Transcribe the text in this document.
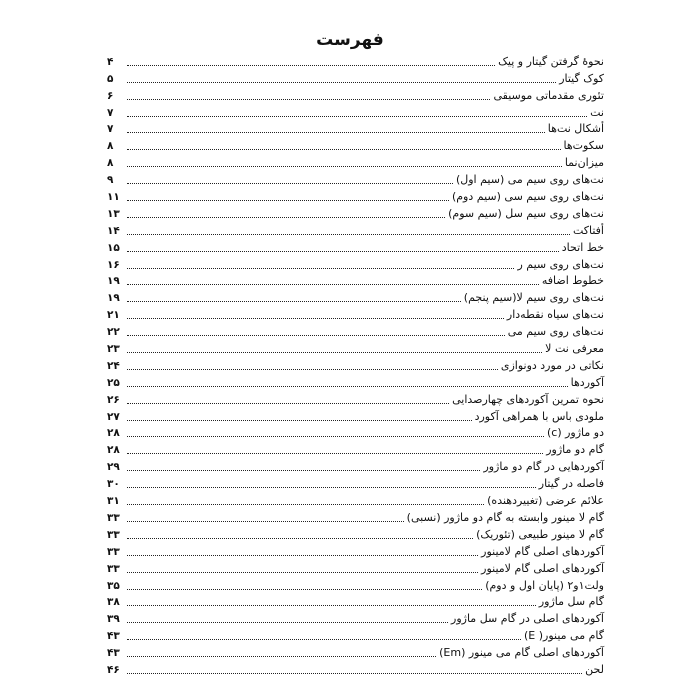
فهرست
نحوهٔ گرفتن گیتار و پیک
۴
کوک گیتار
۵
تئوری مقدماتی موسیقی
۶
نت
۷
أشکال نت‌ها
۷
سکوت‌ها
۸
میزان‌نما
۸
نت‌های روی سیم می (سیم اول)
۹
نت‌های روی سیم سی (سیم دوم)
۱۱
نت‌های روی سیم سل (سیم سوم)
۱۳
أفتاکت
۱۴
خط اتحاد
۱۵
نت‌های روی سیم ر
۱۶
خطوط اضافه
۱۹
نت‌های روی سیم لا(سیم پنجم)
۱۹
نت‌های سیاه نقطه‌دار
۲۱
نت‌های روی سیم می
۲۲
معرفی نت لا
۲۳
نکاتی در مورد دونوازی
۲۴
آکوردها
۲۵
نحوه تمرین آکوردهای چهارصدایی
۲۶
ملودی باس با همراهی آکورد
۲۷
دو ماژور (c)
۲۸
گام دو ماژور
۲۸
آکوردهایی در گام دو ماژور
۲۹
فاصله در گیتار
۳۰
علائم عرضی (تغییردهنده)
۳۱
گام لا مینور وابسته به گام دو ماژور (نسبی)
۳۳
گام لا مینور طبیعی (تئوریک)
۳۳
آکوردهای اصلی گام لامینور
۳۳
آکوردهای اصلی گام لامینور
۳۳
ولت۱و۲ (پایان اول و دوم)
۳۵
گام سل ماژور
۳۸
آکوردهای اصلی در گام سل ماژور
۳۹
گام می مینور( E)
۴۳
آکوردهای اصلی گام می مینور (Em)
۴۳
لحن
۴۶
